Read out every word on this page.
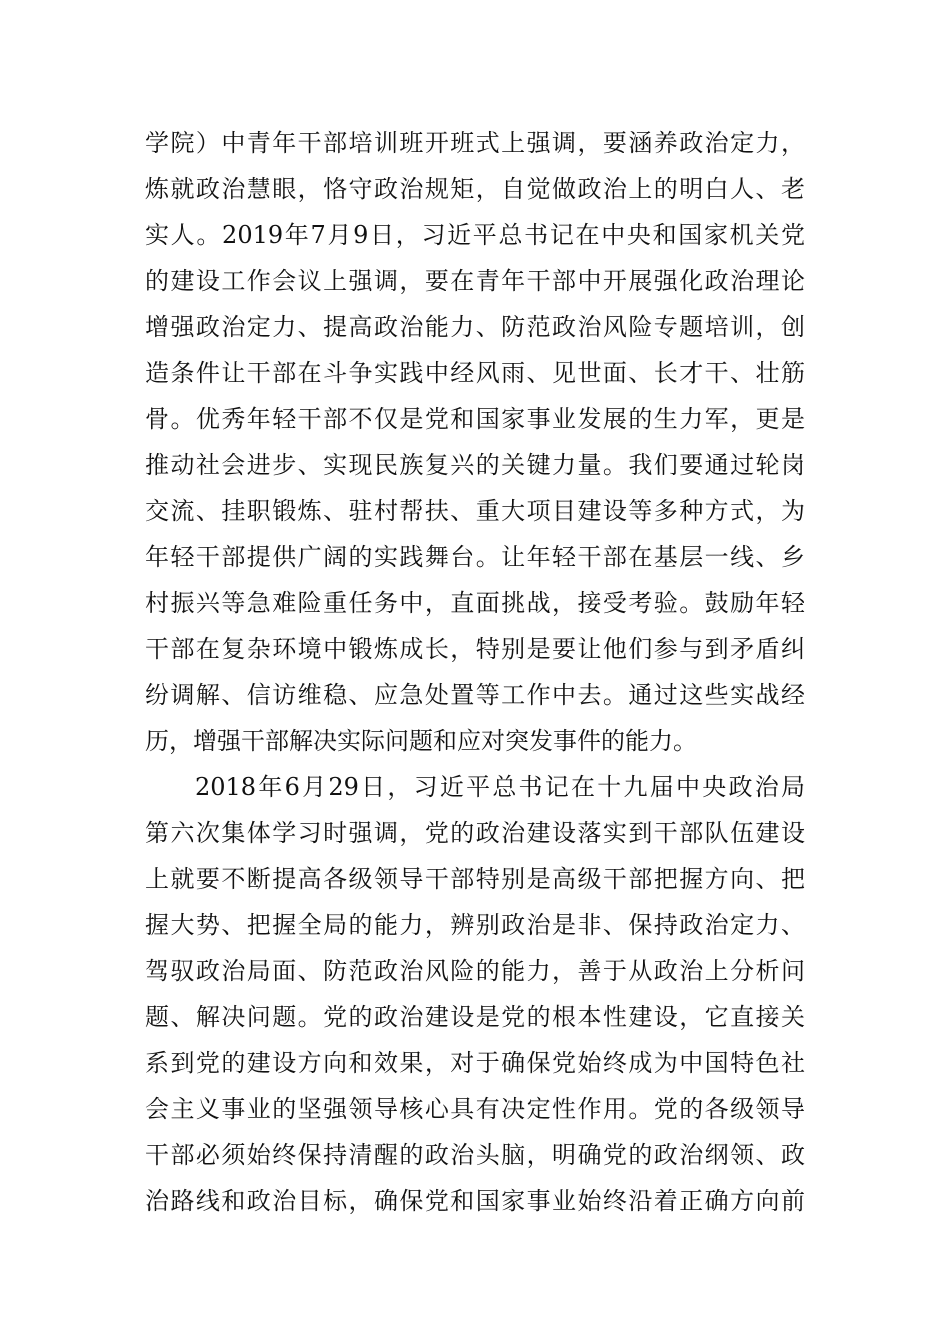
学院）中青年干部培训班开班式上强调，要涵养政治定力，
炼就政治慧眼，恪守政治规矩，自觉做政治上的明白人、老
实人。2019年7月9日，习近平总书记在中央和国家机关党
的建设工作会议上强调，要在青年干部中开展强化政治理论
增强政治定力、提高政治能力、防范政治风险专题培训，创
造条件让干部在斗争实践中经风雨、见世面、长才干、壮筋
骨。优秀年轻干部不仅是党和国家事业发展的生力军，更是
推动社会进步、实现民族复兴的关键力量。我们要通过轮岗
交流、挂职锻炼、驻村帮扶、重大项目建设等多种方式，为
年轻干部提供广阔的实践舞台。让年轻干部在基层一线、乡
村振兴等急难险重任务中，直面挑战，接受考验。鼓励年轻
干部在复杂环境中锻炼成长，特别是要让他们参与到矛盾纠
纷调解、信访维稳、应急处置等工作中去。通过这些实战经
历，增强干部解决实际问题和应对突发事件的能力。
2018年6月29日，习近平总书记在十九届中央政治局
第六次集体学习时强调，党的政治建设落实到干部队伍建设
上就要不断提高各级领导干部特别是高级干部把握方向、把
握大势、把握全局的能力，辨别政治是非、保持政治定力、
驾驭政治局面、防范政治风险的能力，善于从政治上分析问
题、解决问题。党的政治建设是党的根本性建设，它直接关
系到党的建设方向和效果，对于确保党始终成为中国特色社
会主义事业的坚强领导核心具有决定性作用。党的各级领导
干部必须始终保持清醒的政治头脑，明确党的政治纲领、政
治路线和政治目标，确保党和国家事业始终沿着正确方向前
